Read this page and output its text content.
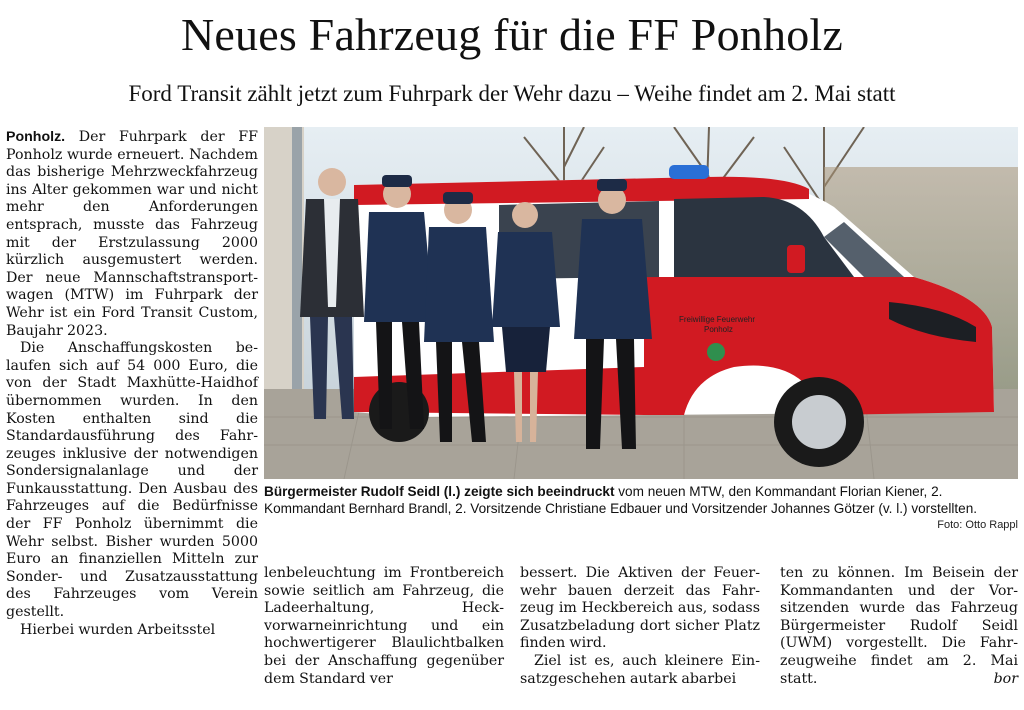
Neues Fahrzeug für die FF Ponholz
Ford Transit zählt jetzt zum Fuhrpark der Wehr dazu – Weihe findet am 2. Mai statt

Ponholz. Der Fuhrpark der FF Ponholz wurde erneuert. Nachdem das bisherige Mehrzweckfahrzeug ins Alter gekommen war und nicht mehr den Anforderungen entsprach, musste das Fahrzeug mit der Erstzulassung 2000 kürzlich ausgemustert werden. Der neue Mannschaftstransportwagen (MTW) im Fuhrpark der Wehr ist ein Ford Transit Custom, Baujahr 2023.

Die Anschaffungskosten belaufen sich auf 54 000 Euro, die von der Stadt Maxhütte-Haidhof übernommen wurden. In den Kosten enthalten sind die Standardausführung des Fahrzeuges inklusive der notwendigen Sondersignalanlage und der Funkausstattung. Den Ausbau des Fahrzeuges auf die Bedürfnisse der FF Ponholz übernimmt die Wehr selbst. Bisher wurden 5000 Euro an finanziellen Mitteln zur Sonder- und Zusatzausstattung des Fahrzeuges vom Verein gestellt.

Hierbei wurden Arbeitsstel

Freiwillige Feuerwehr
Ponholz
Bürgermeister Rudolf Seidl (l.) zeigte sich beeindruckt vom neuen MTW, den Kommandant Florian Kiener, 2. Kommandant Bernhard Brandl, 2. Vorsitzende Christiane Edbauer und Vorsitzender Johannes Götzer (v. l.) vorstellten.
Foto: Otto Rappl

lenbeleuchtung im Frontbereich sowie seitlich am Fahrzeug, die Ladeerhaltung, Heckvorwarneinrichtung und ein hochwertigerer Blaulichtbalken bei der Anschaffung gegenüber dem Standard ver

bessert. Die Aktiven der Feuerwehr bauen derzeit das Fahrzeug im Heckbereich aus, sodass Zusatzbeladung dort sicher Platz finden wird.

Ziel ist es, auch kleinere Einsatzgeschehen autark abarbei

ten zu können. Im Beisein der Kommandanten und der Vorsitzenden wurde das Fahrzeug Bürgermeister Rudolf Seidl (UWM) vorgestellt. Die Fahrzeugweihe findet am 2. Mai statt.	bor
